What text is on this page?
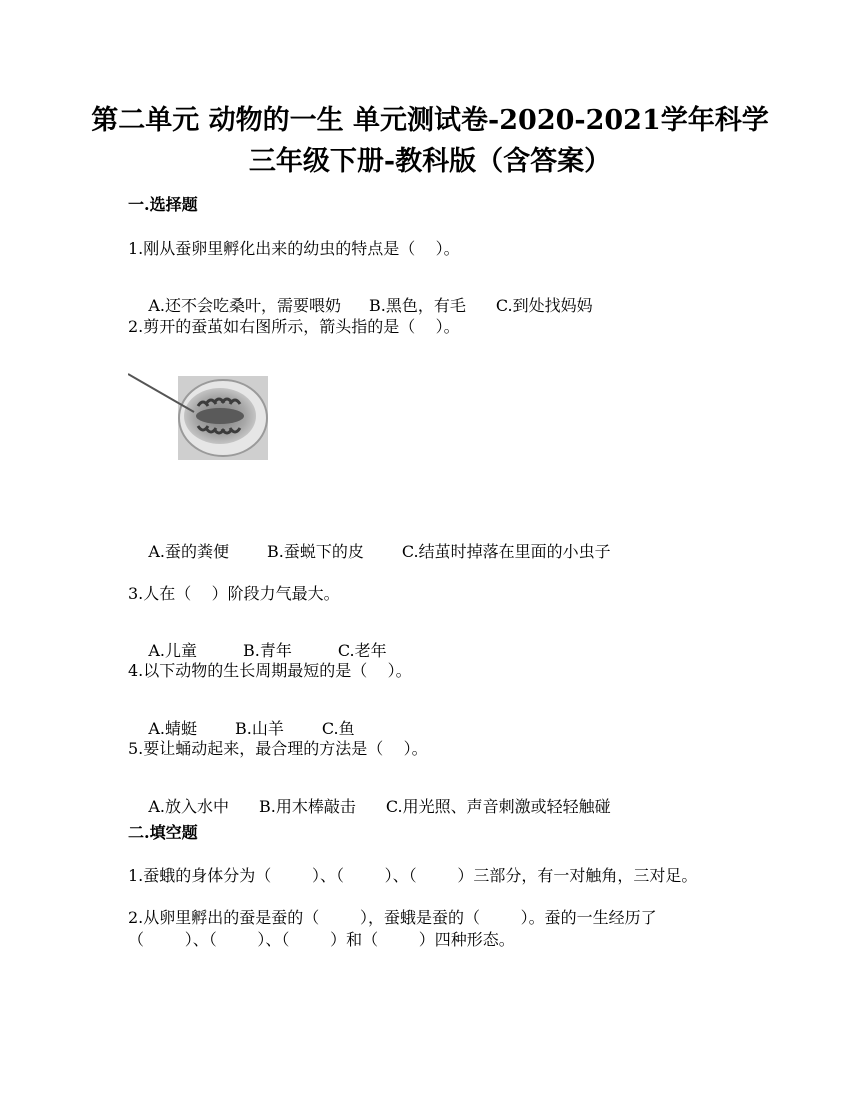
第二单元 动物的一生 单元测试卷-2020-2021学年科学
三年级下册-教科版（含答案）
一.选择题
1.刚从蚕卵里孵化出来的幼虫的特点是（    ）。

A.还不会吃桑叶，需要喂奶 B.黑色，有毛 C.到处找妈妈

2.剪开的蚕茧如右图所示，箭头指的是（    ）。

A.蚕的粪便 B.蚕蜕下的皮 C.结茧时掉落在里面的小虫子

3.人在（    ）阶段力气最大。

A.儿童	B.青年	C.老年

4.以下动物的生长周期最短的是（    ）。

A.蜻蜓 B.山羊 C.鱼

5.要让蛹动起来，最合理的方法是（    ）。

A.放入水中 B.用木棒敲击 C.用光照、声音刺激或轻轻触碰

二.填空题
1.蚕蛾的身体分为（        ）、（        ）、（        ）三部分，有一对触角，三对足。
2.从卵里孵出的蚕是蚕的（        ），蚕蛾是蚕的（        ）。蚕的一生经历了
（        ）、（        ）、（        ）和（        ）四种形态。
